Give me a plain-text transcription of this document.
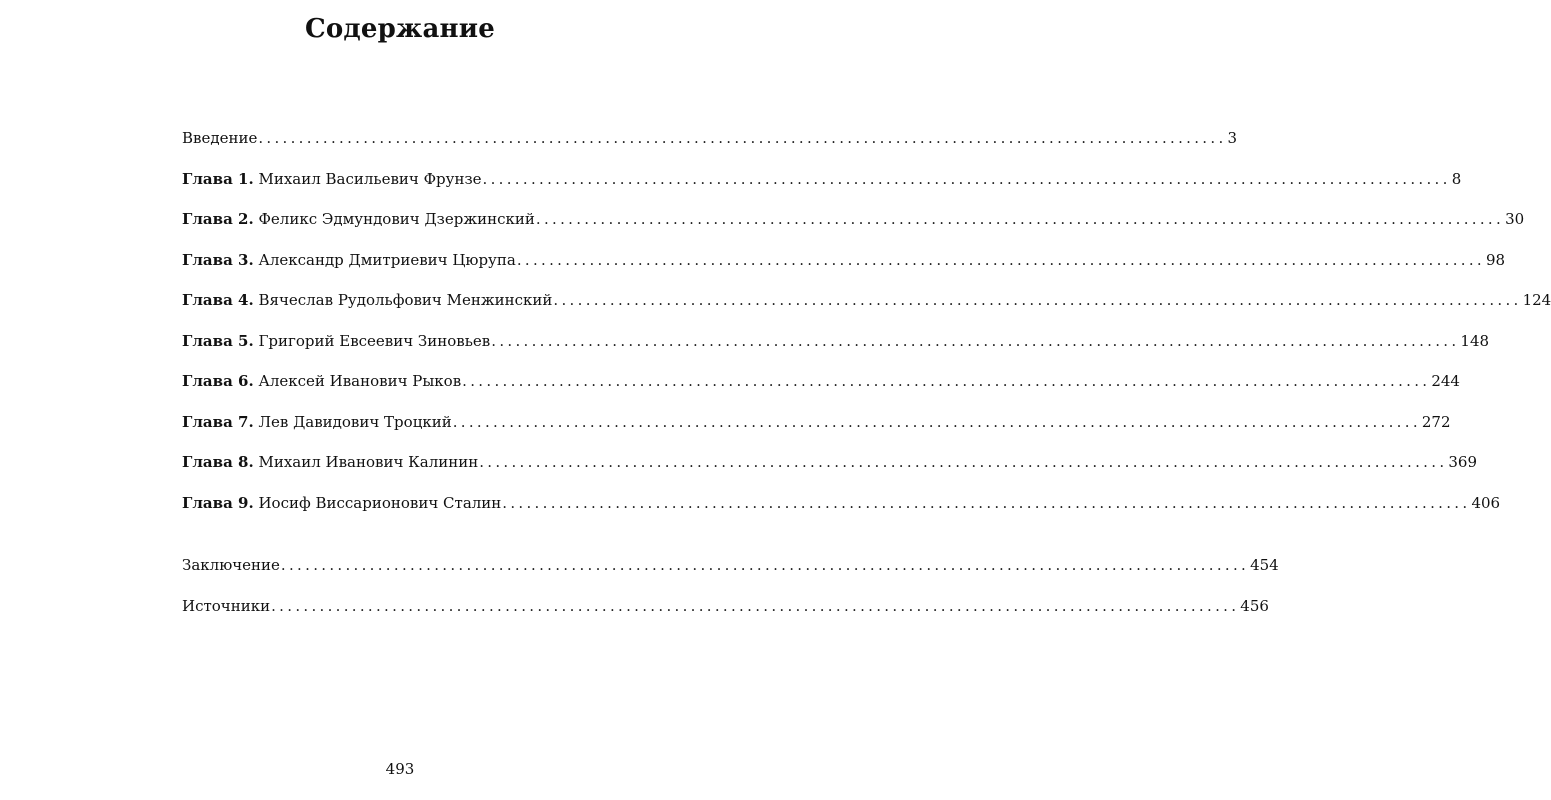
Содержание
Введение ........................................................................................................................ 3
Глава 1. Михаил Васильевич Фрунзе ........................................................................................................................ 8
Глава 2. Феликс Эдмундович Дзержинский ........................................................................................................................ 30
Глава 3. Александр Дмитриевич Цюрупа ........................................................................................................................ 98
Глава 4. Вячеслав Рудольфович Менжинский ........................................................................................................................ 124
Глава 5. Григорий Евсеевич Зиновьев ........................................................................................................................ 148
Глава 6. Алексей Иванович Рыков ........................................................................................................................ 244
Глава 7. Лев Давидович Троцкий ........................................................................................................................ 272
Глава 8. Михаил Иванович Калинин ........................................................................................................................ 369
Глава 9. Иосиф Виссарионович Сталин ........................................................................................................................ 406
Заключение ........................................................................................................................ 454
Источники ........................................................................................................................ 456
493
